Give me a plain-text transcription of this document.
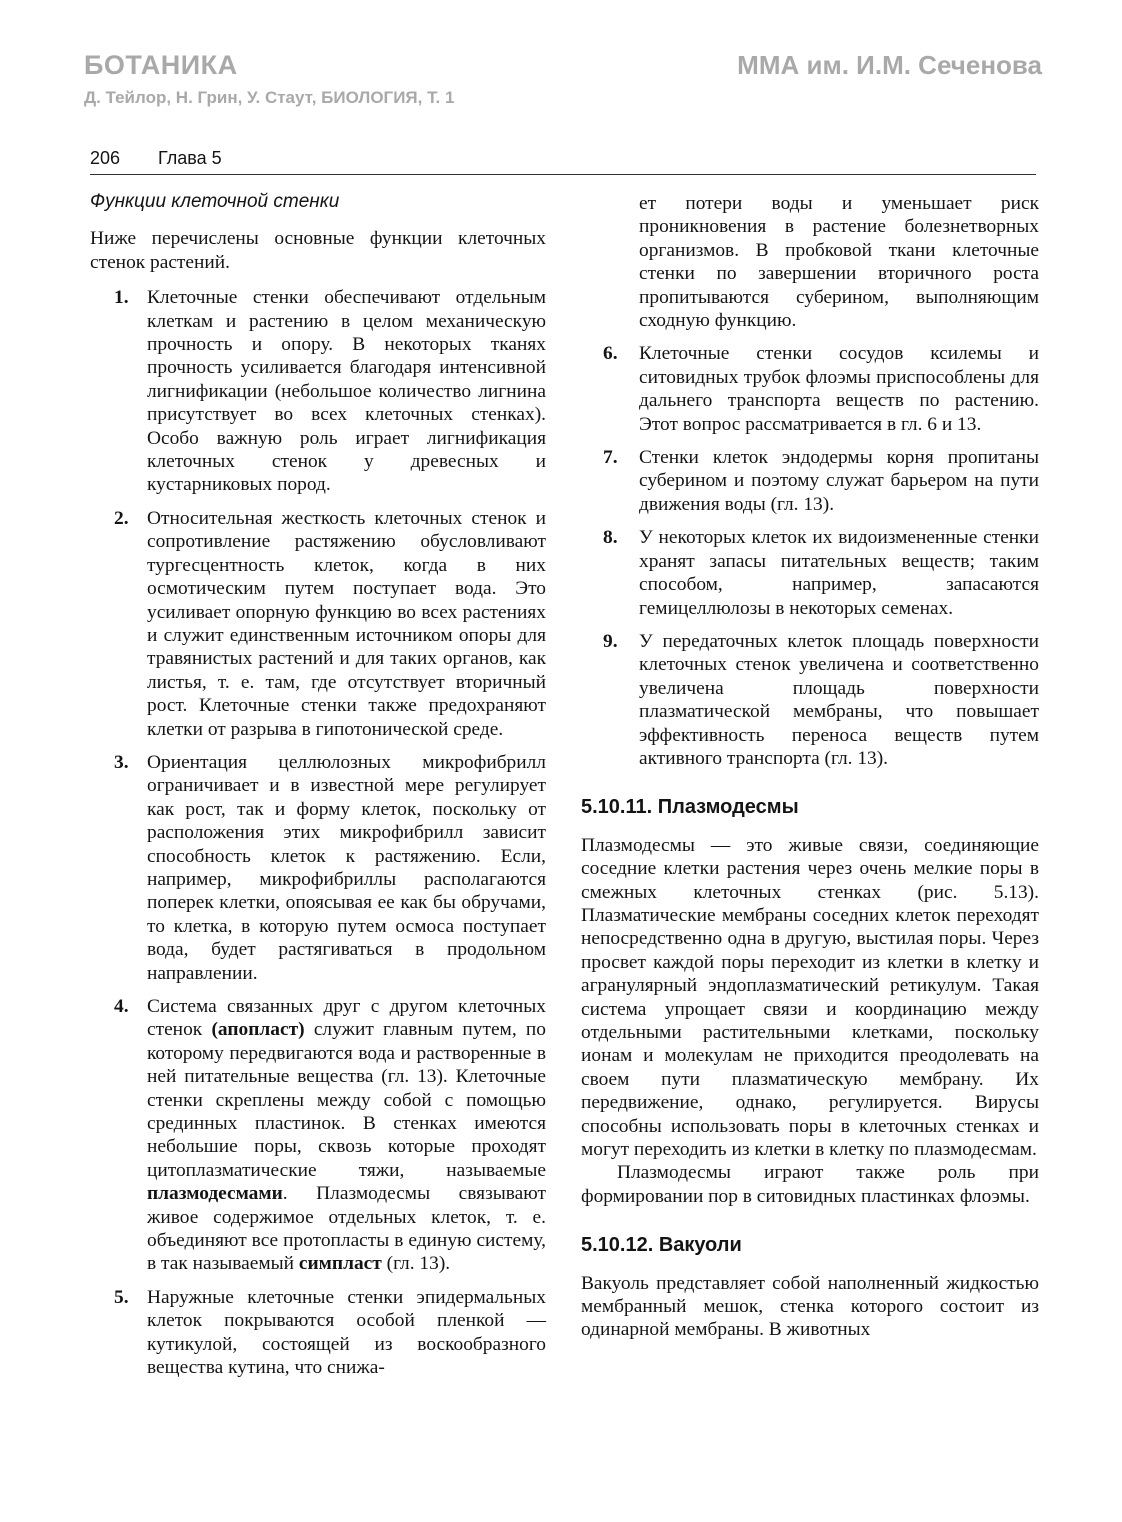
БОТАНИКА	ММА им. И.М. Сеченова
Д. Тейлор, Н. Грин, У. Стаут, БИОЛОГИЯ, Т. 1
206 Глава 5
Функции клеточной стенки

Ниже перечислены основные функции клеточных стенок растений.

1. Клеточные стенки обеспечивают отдельным клеткам и растению в целом механическую прочность и опору. В некоторых тканях прочность усиливается благодаря интенсивной лигнификации (небольшое количество лигнина присутствует во всех клеточных стенках). Особо важную роль играет лигнификация клеточных стенок у древесных и кустарниковых пород.
2. Относительная жесткость клеточных стенок и сопротивление растяжению обусловливают тургесцентность клеток, когда в них осмотическим путем поступает вода. Это усиливает опорную функцию во всех растениях и служит единственным источником опоры для травянистых растений и для таких органов, как листья, т. е. там, где отсутствует вторичный рост. Клеточные стенки также предохраняют клетки от разрыва в гипотонической среде.
3. Ориентация целлюлозных микрофибрилл ограничивает и в известной мере регулирует как рост, так и форму клеток, поскольку от расположения этих микрофибрилл зависит способность клеток к растяжению. Если, например, микрофибриллы располагаются поперек клетки, опоясывая ее как бы обручами, то клетка, в которую путем осмоса поступает вода, будет растягиваться в продольном направлении.
4. Система связанных друг с другом клеточных стенок (апопласт) служит главным путем, по которому передвигаются вода и растворенные в ней питательные вещества (гл. 13). Клеточные стенки скреплены между собой с помощью срединных пластинок. В стенках имеются небольшие поры, сквозь которые проходят цитоплазматические тяжи, называемые плазмодесмами. Плазмодесмы связывают живое содержимое отдельных клеток, т. е. объединяют все протопласты в единую систему, в так называемый симпласт (гл. 13).
5. Наружные клеточные стенки эпидермальных клеток покрываются особой пленкой — кутикулой, состоящей из воскообразного вещества кутина, что снижа-
ет потери воды и уменьшает риск проникновения в растение болезнетворных организмов. В пробковой ткани клеточные стенки по завершении вторичного роста пропитываются суберином, выполняющим сходную функцию.
6. Клеточные стенки сосудов ксилемы и ситовидных трубок флоэмы приспособлены для дальнего транспорта веществ по растению. Этот вопрос рассматривается в гл. 6 и 13.
7. Стенки клеток эндодермы корня пропитаны суберином и поэтому служат барьером на пути движения воды (гл. 13).
8. У некоторых клеток их видоизмененные стенки хранят запасы питательных веществ; таким способом, например, запасаются гемицеллюлозы в некоторых семенах.
9. У передаточных клеток площадь поверхности клеточных стенок увеличена и соответственно увеличена площадь поверхности плазматической мембраны, что повышает эффективность переноса веществ путем активного транспорта (гл. 13).
5.10.11. Плазмодесмы

Плазмодесмы — это живые связи, соединяющие соседние клетки растения через очень мелкие поры в смежных клеточных стенках (рис. 5.13). Плазматические мембраны соседних клеток переходят непосредственно одна в другую, выстилая поры. Через просвет каждой поры переходит из клетки в клетку и агранулярный эндоплазматический ретикулум. Такая система упрощает связи и координацию между отдельными растительными клетками, поскольку ионам и молекулам не приходится преодолевать на своем пути плазматическую мембрану. Их передвижение, однако, регулируется. Вирусы способны использовать поры в клеточных стенках и могут переходить из клетки в клетку по плазмодесмам.

Плазмодесмы играют также роль при формировании пор в ситовидных пластинках флоэмы.

5.10.12. Вакуоли

Вакуоль представляет собой наполненный жидкостью мембранный мешок, стенка которого состоит из одинарной мембраны. В животных
